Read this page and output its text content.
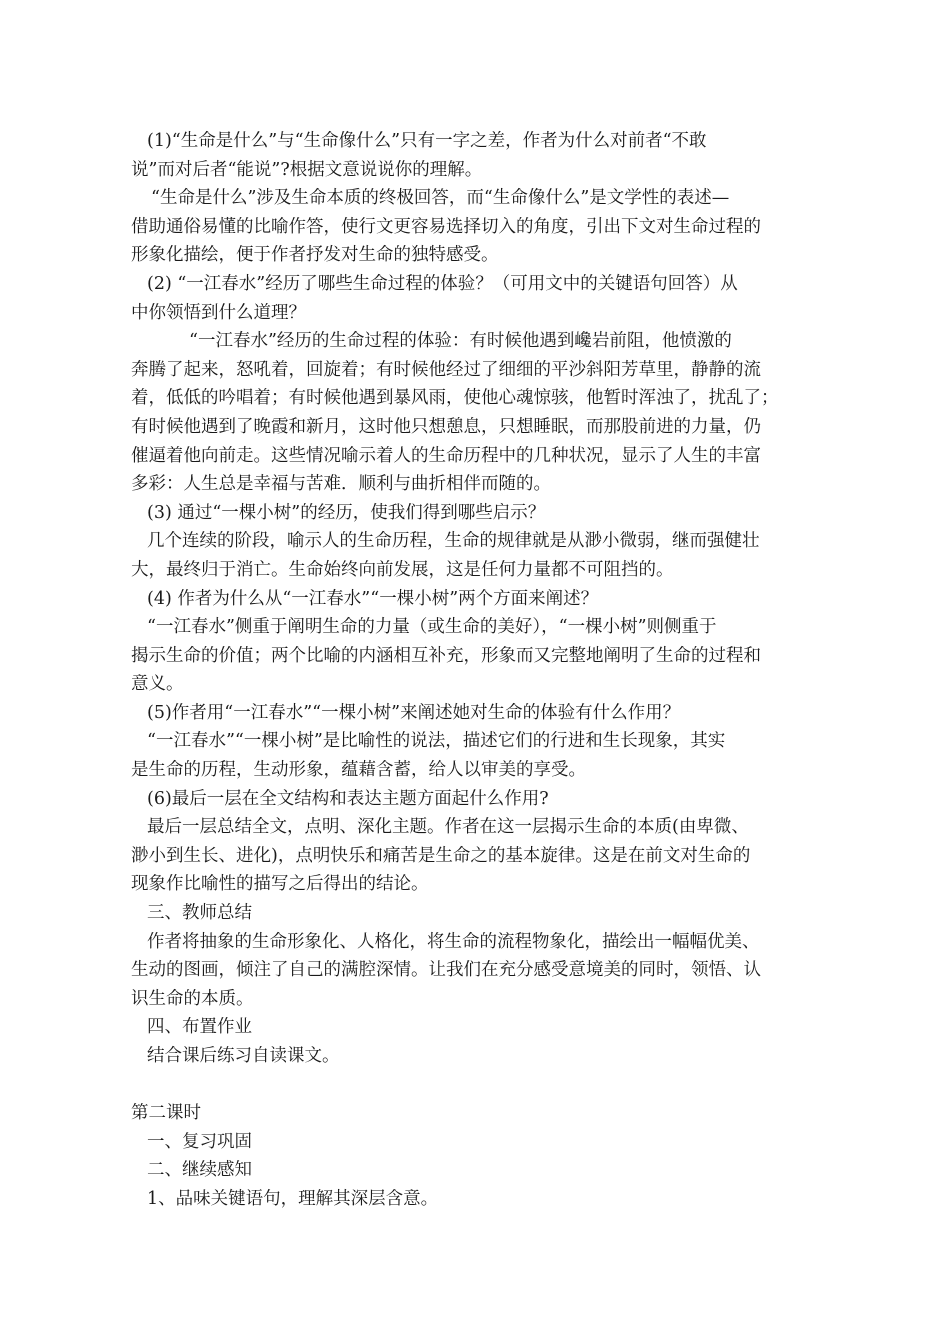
(1)“生命是什么”与“生命像什么”只有一字之差，作者为什么对前者“不敢
说”而对后者“能说”?根据文意说说你的理解。
“生命是什么”涉及生命本质的终极回答，而“生命像什么”是文学性的表述—
借助通俗易懂的比喻作答，使行文更容易选择切入的角度，引出下文对生命过程的
形象化描绘，便于作者抒发对生命的独特感受。
(2) “一江春水”经历了哪些生命过程的体验？（可用文中的关键语句回答）从
中你领悟到什么道理？
“一江春水”经历的生命过程的体验：有时候他遇到巉岩前阻，他愤激的
奔腾了起来，怒吼着，回旋着；有时候他经过了细细的平沙斜阳芳草里，静静的流
着，低低的吟唱着；有时候他遇到暴风雨，使他心魂惊骇，他暂时浑浊了，扰乱了；
有时候他遇到了晚霞和新月，这时他只想憩息，只想睡眠，而那股前进的力量，仍
催逼着他向前走。这些情况喻示着人的生命历程中的几种状况，显示了人生的丰富
多彩：人生总是幸福与苦难．顺利与曲折相伴而随的。
(3) 通过“一棵小树”的经历，使我们得到哪些启示？
几个连续的阶段，喻示人的生命历程，生命的规律就是从渺小微弱，继而强健壮
大，最终归于消亡。生命始终向前发展，这是任何力量都不可阻挡的。
(4) 作者为什么从“一江春水”“一棵小树”两个方面来阐述？
“一江春水”侧重于阐明生命的力量（或生命的美好），“一棵小树”则侧重于
揭示生命的价值；两个比喻的内涵相互补充，形象而又完整地阐明了生命的过程和
意义。
(5)作者用“一江春水”“一棵小树”来阐述她对生命的体验有什么作用？
“一江春水”“一棵小树”是比喻性的说法，描述它们的行进和生长现象，其实
是生命的历程，生动形象，蕴藉含蓄，给人以审美的享受。
(6)最后一层在全文结构和表达主题方面起什么作用?
最后一层总结全文，点明、深化主题。作者在这一层揭示生命的本质(由卑微、
渺小到生长、进化)，点明快乐和痛苦是生命之的基本旋律。这是在前文对生命的
现象作比喻性的描写之后得出的结论。
三、教师总结
作者将抽象的生命形象化、人格化，将生命的流程物象化，描绘出一幅幅优美、
生动的图画，倾注了自己的满腔深情。让我们在充分感受意境美的同时，领悟、认
识生命的本质。
四、布置作业
结合课后练习自读课文。
第二课时
一、复习巩固
二、继续感知
1、品味关键语句，理解其深层含意。
